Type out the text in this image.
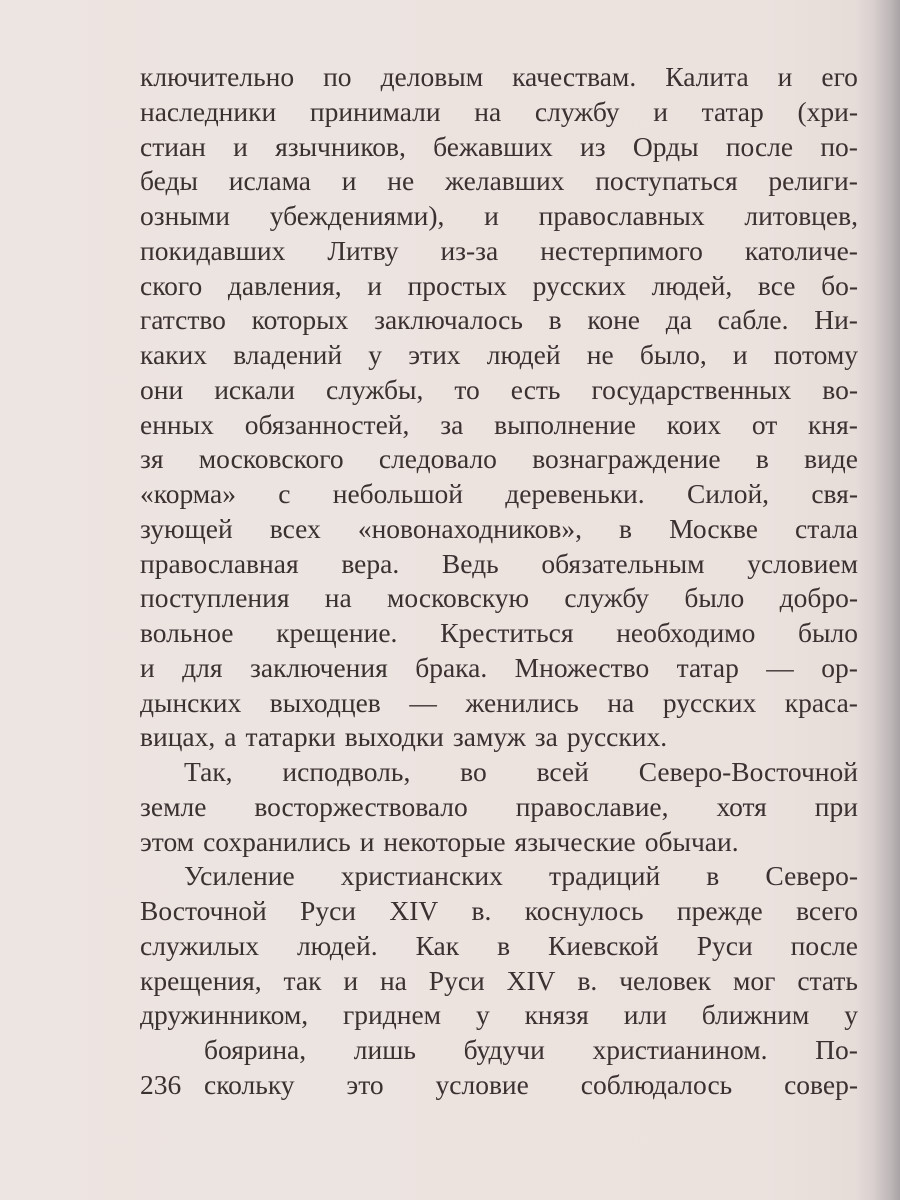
ключительно по деловым качествам. Калита и его
наследники принимали на службу и татар (хри-
стиан и язычников, бежавших из Орды после по-
беды ислама и не желавших поступаться религи-
озными убеждениями), и православных литовцев,
покидавших Литву из-за нестерпимого католиче-
ского давления, и простых русских людей, все бо-
гатство которых заключалось в коне да сабле. Ни-
каких владений у этих людей не было, и потому
они искали службы, то есть государственных во-
енных обязанностей, за выполнение коих от кня-
зя московского следовало вознаграждение в виде
«корма» с небольшой деревеньки. Силой, свя-
зующей всех «новонаходников», в Москве стала
православная вера. Ведь обязательным условием
поступления на московскую службу было добро-
вольное крещение. Креститься необходимо было
и для заключения брака. Множество татар — ор-
дынских выходцев — женились на русских краса-
вицах, а татарки выходки замуж за русских.
Так, исподволь, во всей Северо-Восточной
земле восторжествовало православие, хотя при
этом сохранились и некоторые языческие обычаи.
Усиление христианских традиций в Северо-
Восточной Руси XIV в. коснулось прежде всего
служилых людей. Как в Киевской Руси после
крещения, так и на Руси XIV в. человек мог стать
дружинником, гриднем у князя или ближним у
боярина, лишь будучи христианином. По-
скольку это условие соблюдалось совер-
236
